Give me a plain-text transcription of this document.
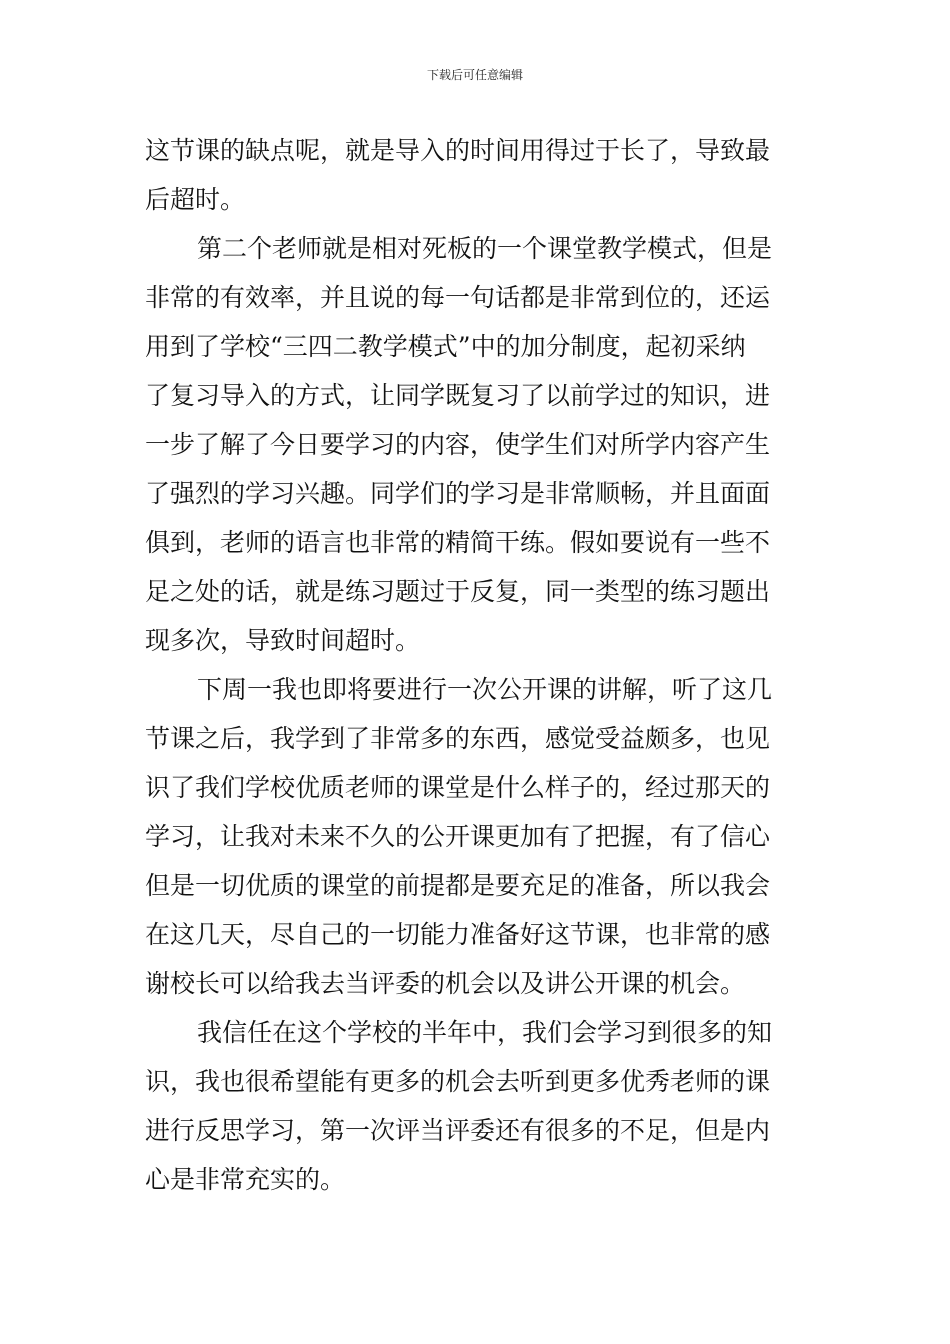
下载后可任意编辑
这节课的缺点呢，就是导入的时间用得过于长了，导致最
后超时。
第二个老师就是相对死板的一个课堂教学模式，但是
非常的有效率，并且说的每一句话都是非常到位的，还运
用到了学校“三四二教学模式”中的加分制度，起初采纳
了复习导入的方式，让同学既复习了以前学过的知识，进
一步了解了今日要学习的内容，使学生们对所学内容产生
了强烈的学习兴趣。同学们的学习是非常顺畅，并且面面
俱到，老师的语言也非常的精简干练。假如要说有一些不
足之处的话，就是练习题过于反复，同一类型的练习题出
现多次，导致时间超时。
下周一我也即将要进行一次公开课的讲解，听了这几
节课之后，我学到了非常多的东西，感觉受益颇多，也见
识了我们学校优质老师的课堂是什么样子的，经过那天的
学习，让我对未来不久的公开课更加有了把握，有了信心
但是一切优质的课堂的前提都是要充足的准备，所以我会
在这几天，尽自己的一切能力准备好这节课，也非常的感
谢校长可以给我去当评委的机会以及讲公开课的机会。
我信任在这个学校的半年中，我们会学习到很多的知
识，我也很希望能有更多的机会去听到更多优秀老师的课
进行反思学习，第一次评当评委还有很多的不足，但是内
心是非常充实的。
